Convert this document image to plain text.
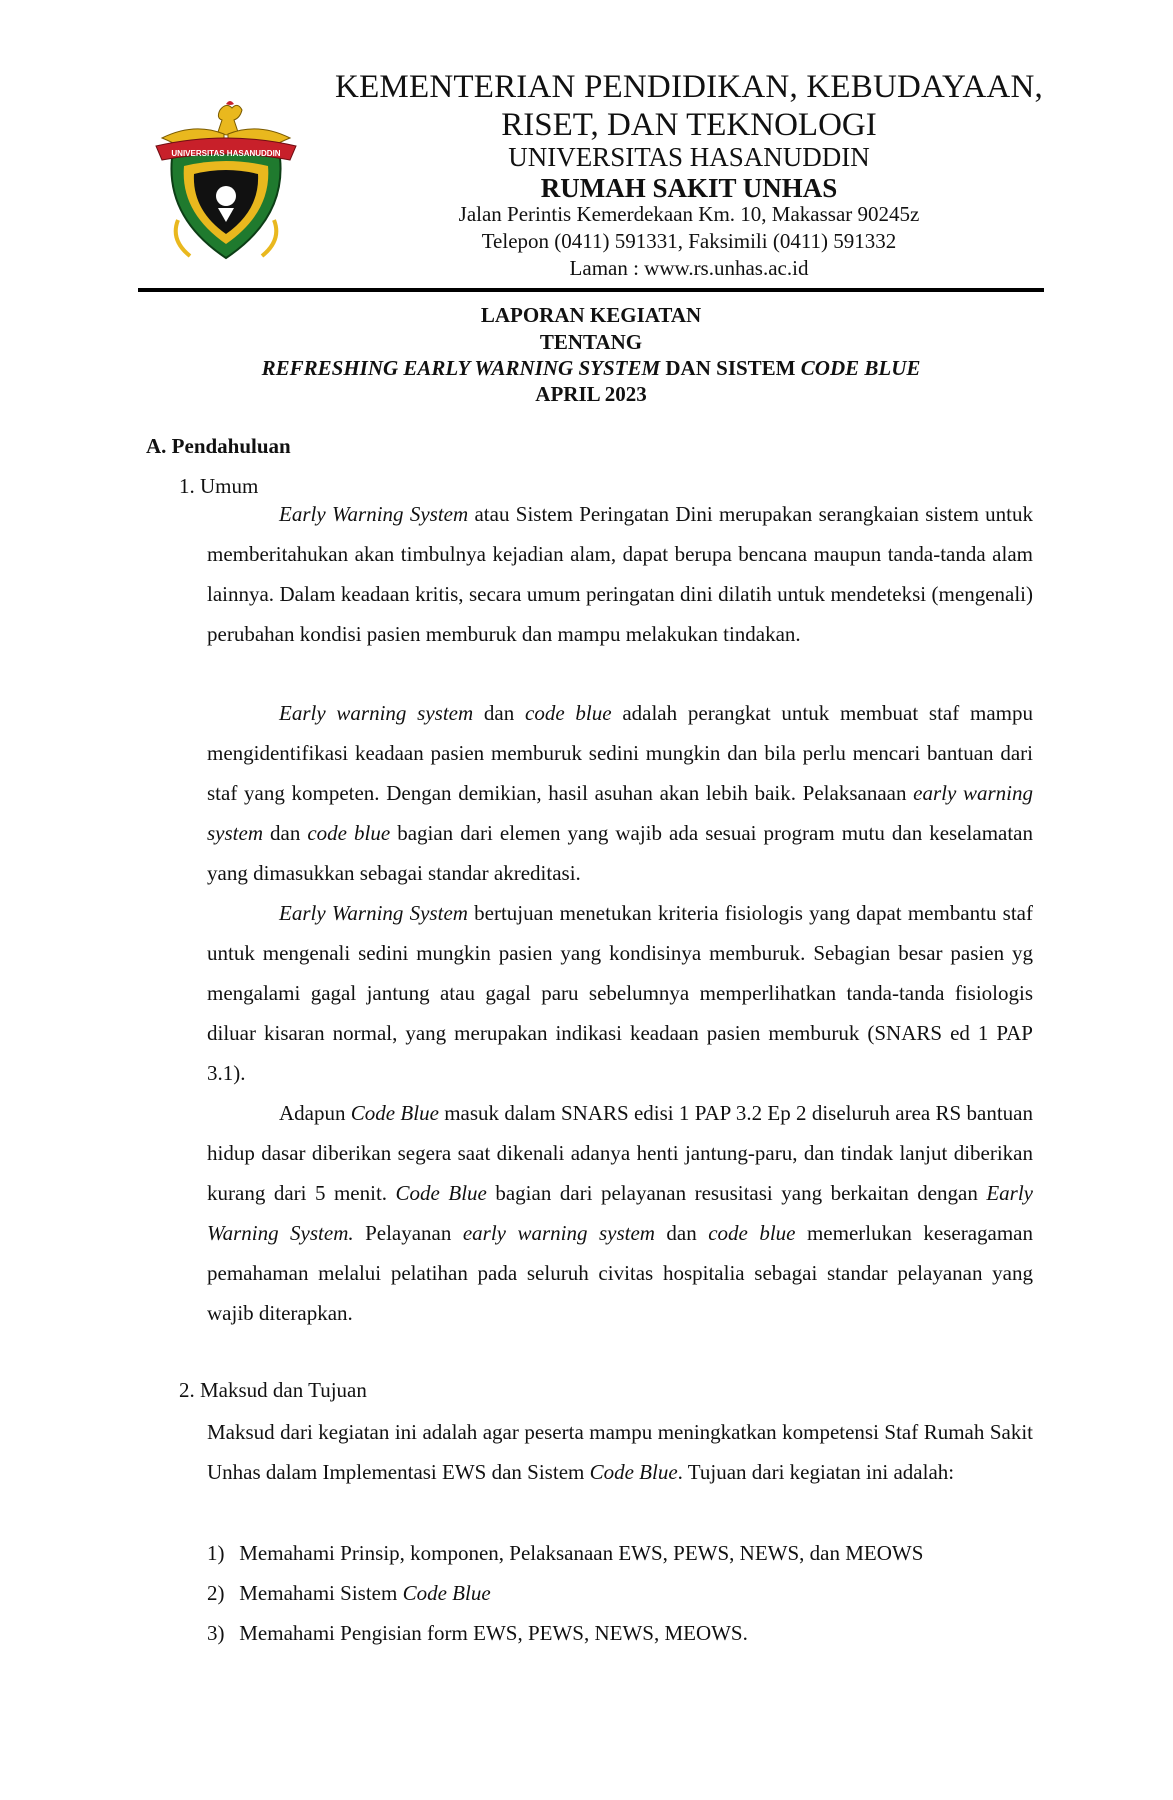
UNIVERSITAS HASANUDDIN
KEMENTERIAN PENDIDIKAN, KEBUDAYAAN,
RISET, DAN TEKNOLOGI
UNIVERSITAS HASANUDDIN
RUMAH SAKIT UNHAS
Jalan Perintis Kemerdekaan Km. 10, Makassar 90245z
Telepon (0411) 591331, Faksimili (0411) 591332
Laman : www.rs.unhas.ac.id
LAPORAN KEGIATAN
TENTANG
REFRESHING EARLY WARNING SYSTEM DAN SISTEM CODE BLUE
APRIL 2023
A. Pendahuluan
1. Umum

Early Warning System atau Sistem Peringatan Dini merupakan serangkaian sistem untuk memberitahukan akan timbulnya kejadian alam, dapat berupa bencana maupun tanda-tanda alam lainnya. Dalam keadaan kritis, secara umum peringatan dini dilatih untuk mendeteksi (mengenali) perubahan kondisi pasien memburuk dan mampu melakukan tindakan.

Early warning system dan code blue adalah perangkat untuk membuat staf mampu mengidentifikasi keadaan pasien memburuk sedini mungkin dan bila perlu mencari bantuan dari staf yang kompeten. Dengan demikian, hasil asuhan akan lebih baik. Pelaksanaan early warning system dan code blue bagian dari elemen yang wajib ada sesuai program mutu dan keselamatan yang dimasukkan sebagai standar akreditasi.

Early Warning System bertujuan menetukan kriteria fisiologis yang dapat membantu staf untuk mengenali sedini mungkin pasien yang kondisinya memburuk. Sebagian besar pasien yg mengalami gagal jantung atau gagal paru sebelumnya memperlihatkan tanda-tanda fisiologis diluar kisaran normal, yang merupakan indikasi keadaan pasien memburuk (SNARS ed 1 PAP 3.1).

Adapun Code Blue masuk dalam SNARS edisi 1 PAP 3.2 Ep 2 diseluruh area RS bantuan hidup dasar diberikan segera saat dikenali adanya henti jantung-paru, dan tindak lanjut diberikan kurang dari 5 menit. Code Blue bagian dari pelayanan resusitasi yang berkaitan dengan Early Warning System. Pelayanan early warning system dan code blue memerlukan keseragaman pemahaman melalui pelatihan pada seluruh civitas hospitalia sebagai standar pelayanan yang wajib diterapkan.

2. Maksud dan Tujuan

Maksud dari kegiatan ini adalah agar peserta mampu meningkatkan kompetensi Staf Rumah Sakit Unhas dalam Implementasi EWS dan Sistem Code Blue. Tujuan dari kegiatan ini adalah:

1) Memahami Prinsip, komponen, Pelaksanaan EWS, PEWS, NEWS, dan MEOWS
2) Memahami Sistem Code Blue
3) Memahami Pengisian form EWS, PEWS, NEWS, MEOWS.
